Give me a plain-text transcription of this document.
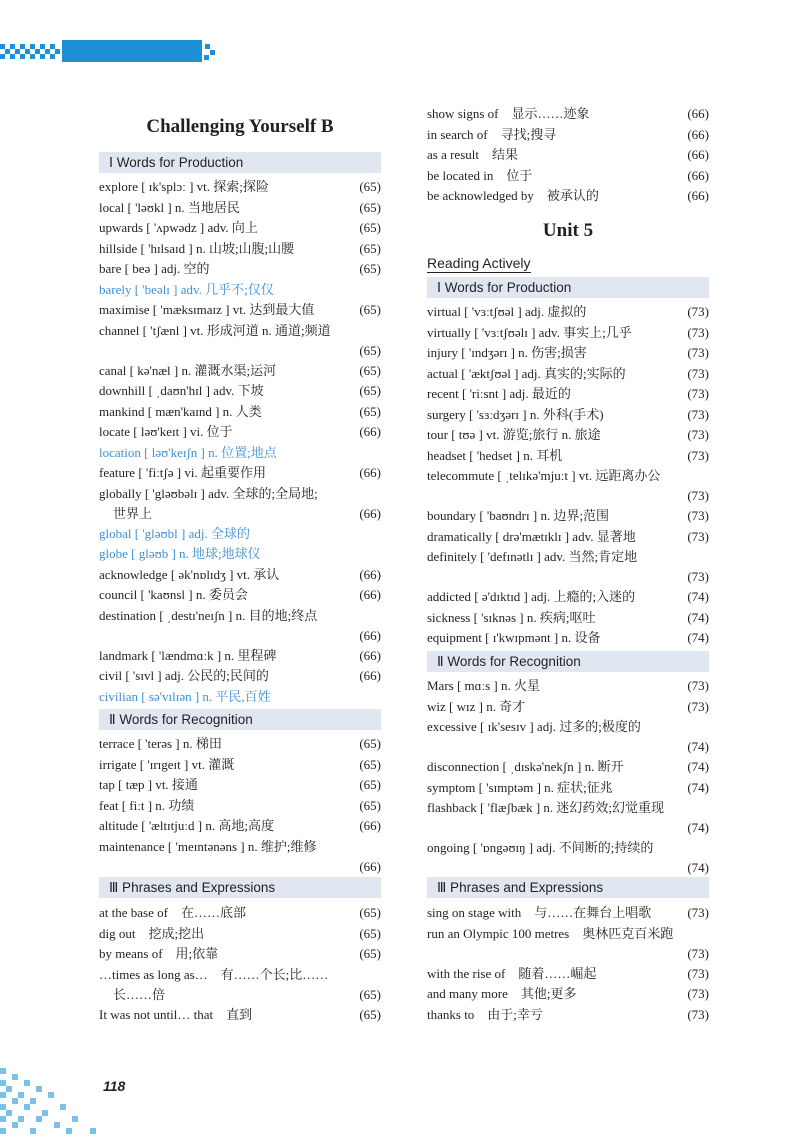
Challenging Yourself B
Ⅰ Words for Production
explore [ ɪk'splɔː ] vt. 探索;探险	(65)
local [ 'ləʊkl ] n. 当地居民	(65)
upwards [ 'ʌpwədz ] adv. 向上	(65)
hillside [ 'hɪlsaɪd ] n. 山坡;山腹;山腰	(65)
bare [ beə ] adj. 空的	(65)
barely [ 'beəlɪ ] adv. 几乎不;仅仅
maximise [ 'mæksɪmaɪz ] vt. 达到最大值	(65)
channel [ 'tʃænl ] vt. 形成河道 n. 通道;频道
(65)
canal [ kə'næl ] n. 灌溉水渠;运河	(65)
downhill [ ˌdaʊn'hɪl ] adv. 下坡	(65)
mankind [ mæn'kaɪnd ] n. 人类	(65)
locate [ ləʊ'keɪt ] vi. 位于	(66)
location [ ləʊ'keɪʃn ] n. 位置;地点
feature [ 'fiːtʃə ] vi. 起重要作用	(66)
globally [ 'gləʊbəlɪ ] adv. 全球的;全局地;
世界上	(66)
global [ 'gləʊbl ] adj. 全球的
globe [ gləʊb ] n. 地球;地球仪
acknowledge [ ək'nɒlɪdʒ ] vt. 承认	(66)
council [ 'kaʊnsl ] n. 委员会	(66)
destination [ ˌdestɪ'neɪʃn ] n. 目的地;终点
(66)
landmark [ 'lændmɑːk ] n. 里程碑	(66)
civil [ 'sɪvl ] adj. 公民的;民间的	(66)
civilian [ sə'vɪlɪən ] n. 平民,百姓
Ⅱ Words for Recognition
terrace [ 'terəs ] n. 梯田	(65)
irrigate [ 'ɪrɪgeɪt ] vt. 灌溉	(65)
tap [ tæp ] vt. 接通	(65)
feat [ fiːt ] n. 功绩	(65)
altitude [ 'æltɪtjuːd ] n. 高地;高度	(66)
maintenance [ 'meɪntənəns ] n. 维护;维修
(66)
Ⅲ Phrases and Expressions
at the base of　在……底部	(65)
dig out　挖成;挖出	(65)
by means of　用;依靠	(65)
…times as long as…　有……个长;比……
长……倍	(65)
It was not until… that　直到	(65)
show signs of　显示……迹象	(66)
in search of　寻找;搜寻	(66)
as a result　结果	(66)
be located in　位于	(66)
be acknowledged by　被承认的	(66)
Unit 5
Reading Actively
Ⅰ Words for Production
virtual [ 'vɜːtʃʊəl ] adj. 虚拟的	(73)
virtually [ 'vɜːtʃʊəlɪ ] adv. 事实上;几乎	(73)
injury [ 'ɪndʒərɪ ] n. 伤害;损害	(73)
actual [ 'æktʃʊəl ] adj. 真实的;实际的	(73)
recent [ 'riːsnt ] adj. 最近的	(73)
surgery [ 'sɜːdʒərɪ ] n. 外科(手术)	(73)
tour [ tʊə ] vt. 游览;旅行 n. 旅途	(73)
headset [ 'hedset ] n. 耳机	(73)
telecommute [ ˌtelɪkə'mjuːt ] vt. 远距离办公
(73)
boundary [ 'baʊndrɪ ] n. 边界;范围	(73)
dramatically [ drə'mætɪklɪ ] adv. 显著地	(73)
definitely [ 'defɪnətlɪ ] adv. 当然;肯定地
(73)
addicted [ ə'dɪktɪd ] adj. 上瘾的;入迷的	(74)
sickness [ 'sɪknəs ] n. 疾病;呕吐	(74)
equipment [ ɪ'kwɪpmənt ] n. 设备	(74)
Ⅱ Words for Recognition
Mars [ mɑːs ] n. 火星	(73)
wiz [ wɪz ] n. 奇才	(73)
excessive [ ɪk'sesɪv ] adj. 过多的;极度的
(74)
disconnection [ ˌdɪskə'nekʃn ] n. 断开	(74)
symptom [ 'sɪmptəm ] n. 症状;征兆	(74)
flashback [ 'flæʃbæk ] n. 迷幻药效;幻觉重现
(74)
ongoing [ 'ɒngəʊɪŋ ] adj. 不间断的;持续的
(74)
Ⅲ Phrases and Expressions
sing on stage with　与……在舞台上唱歌	(73)
run an Olympic 100 metres　奥林匹克百米跑
(73)
with the rise of　随着……崛起	(73)
and many more　其他;更多	(73)
thanks to　由于;幸亏	(73)
118
